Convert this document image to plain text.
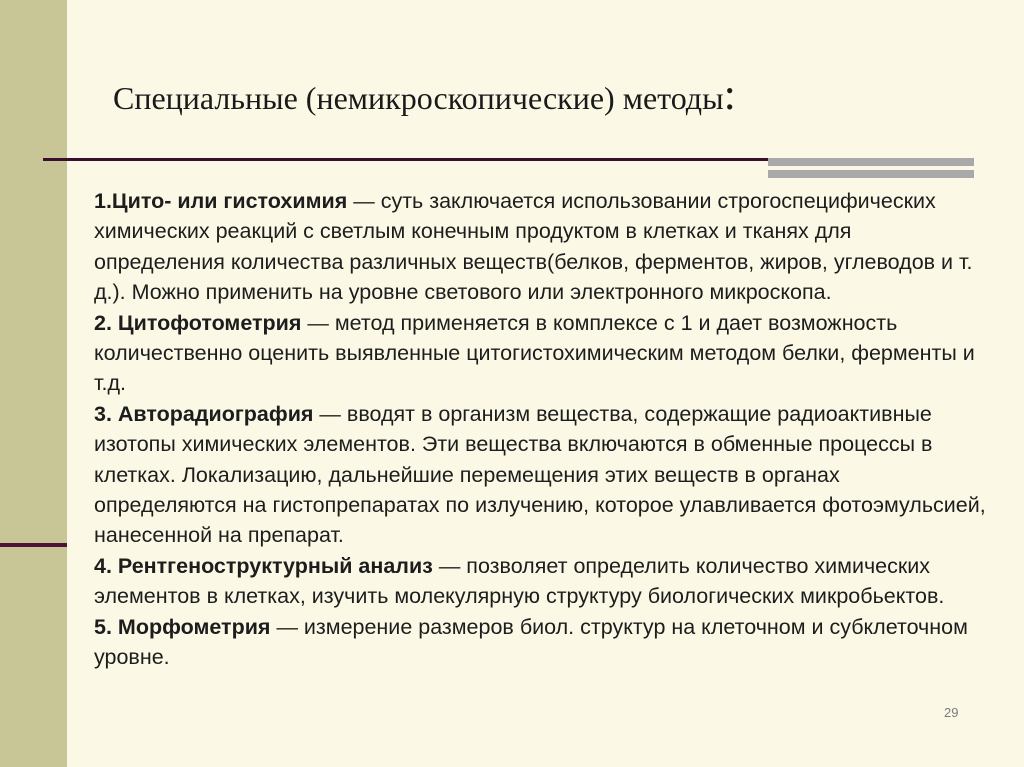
Специальные (немикроскопические) методы:

1.Цито- или гистохимия — суть заключается использовании строгоспецифических химических реакций с светлым конечным продуктом в клетках и тканях для определения количества различных веществ(белков, ферментов, жиров, углеводов и т. д.). Можно применить на уровне светового или электронного микроскопа.

2. Цитофотометрия — метод применяется в комплексе с 1 и дает возможность количественно оценить выявленные цитогистохимическим методом белки, ферменты и т.д.

3. Авторадиография — вводят в организм вещества, содержащие радиоактивные изотопы химических элементов. Эти вещества включаются в обменные процессы в клетках. Локализацию, дальнейшие перемещения этих веществ в органах определяются на гистопрепаратах по излучению, которое улавливается фотоэмульсией, нанесенной на препарат.

4. Рентгеноструктурный анализ — позволяет определить количество химических элементов в клетках, изучить молекулярную структуру биологических микробьектов.

5. Морфометрия — измерение размеров биол. структур на клеточном и субклеточном уровне.

29
